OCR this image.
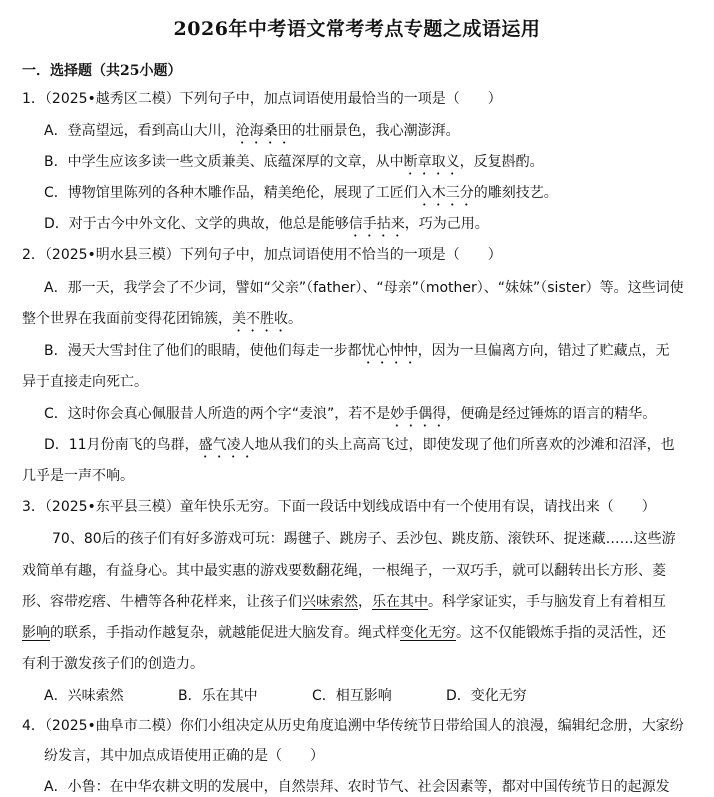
2026年中考语文常考考点专题之成语运用
一．选择题（共25小题）
1．（2025•越秀区二模）下列句子中，加点词语使用最恰当的一项是（　　）
A．登高望远，看到高山大川，沧海桑田的壮丽景色，我心潮澎湃。
B．中学生应该多读一些文质兼美、底蕴深厚的文章，从中断章取义，反复斟酌。
C．博物馆里陈列的各种木雕作品，精美绝伦，展现了工匠们入木三分的雕刻技艺。
D．对于古今中外文化、文学的典故，他总是能够信手拈来，巧为己用。
2．（2025•明水县三模）下列句子中，加点词语使用不恰当的一项是（　　）
A．那一天，我学会了不少词，譬如“父亲”（father）、“母亲”（mother）、“妹妹”（sister）等。这些词使
整个世界在我面前变得花团锦簇，美不胜收。
B．漫天大雪封住了他们的眼睛，使他们每走一步都忧心忡忡，因为一旦偏离方向，错过了贮藏点，无
异于直接走向死亡。
C．这时你会真心佩服昔人所造的两个字“麦浪”，若不是妙手偶得，便确是经过锤炼的语言的精华。
D．11月份南飞的鸟群，盛气凌人地从我们的头上高高飞过，即使发现了他们所喜欢的沙滩和沼泽，也
几乎是一声不响。
3．（2025•东平县三模）童年快乐无穷。下面一段话中划线成语中有一个使用有误，请找出来（　　）
70、80后的孩子们有好多游戏可玩：踢毽子、跳房子、丢沙包、跳皮筋、滚铁环、捉迷藏……这些游
戏简单有趣，有益身心。其中最实惠的游戏要数翻花绳，一根绳子，一双巧手，就可以翻转出长方形、菱
形、容带疙瘩、牛槽等各种花样来，让孩子们兴味索然，乐在其中。科学家证实，手与脑发育上有着相互
影响的联系，手指动作越复杂，就越能促进大脑发育。绳式样变化无穷。这不仅能锻炼手指的灵活性，还
有利于激发孩子们的创造力。
A．兴味索然	B．乐在其中	C．相互影响	D．变化无穷
4．（2025•曲阜市二模）你们小组决定从历史角度追溯中华传统节日带给国人的浪漫，编辑纪念册，大家纷
纷发言，其中加点成语使用正确的是（　　）
A．小鲁：在中华农耕文明的发展中，自然崇拜、农时节气、社会因素等，都对中国传统节日的起源发
